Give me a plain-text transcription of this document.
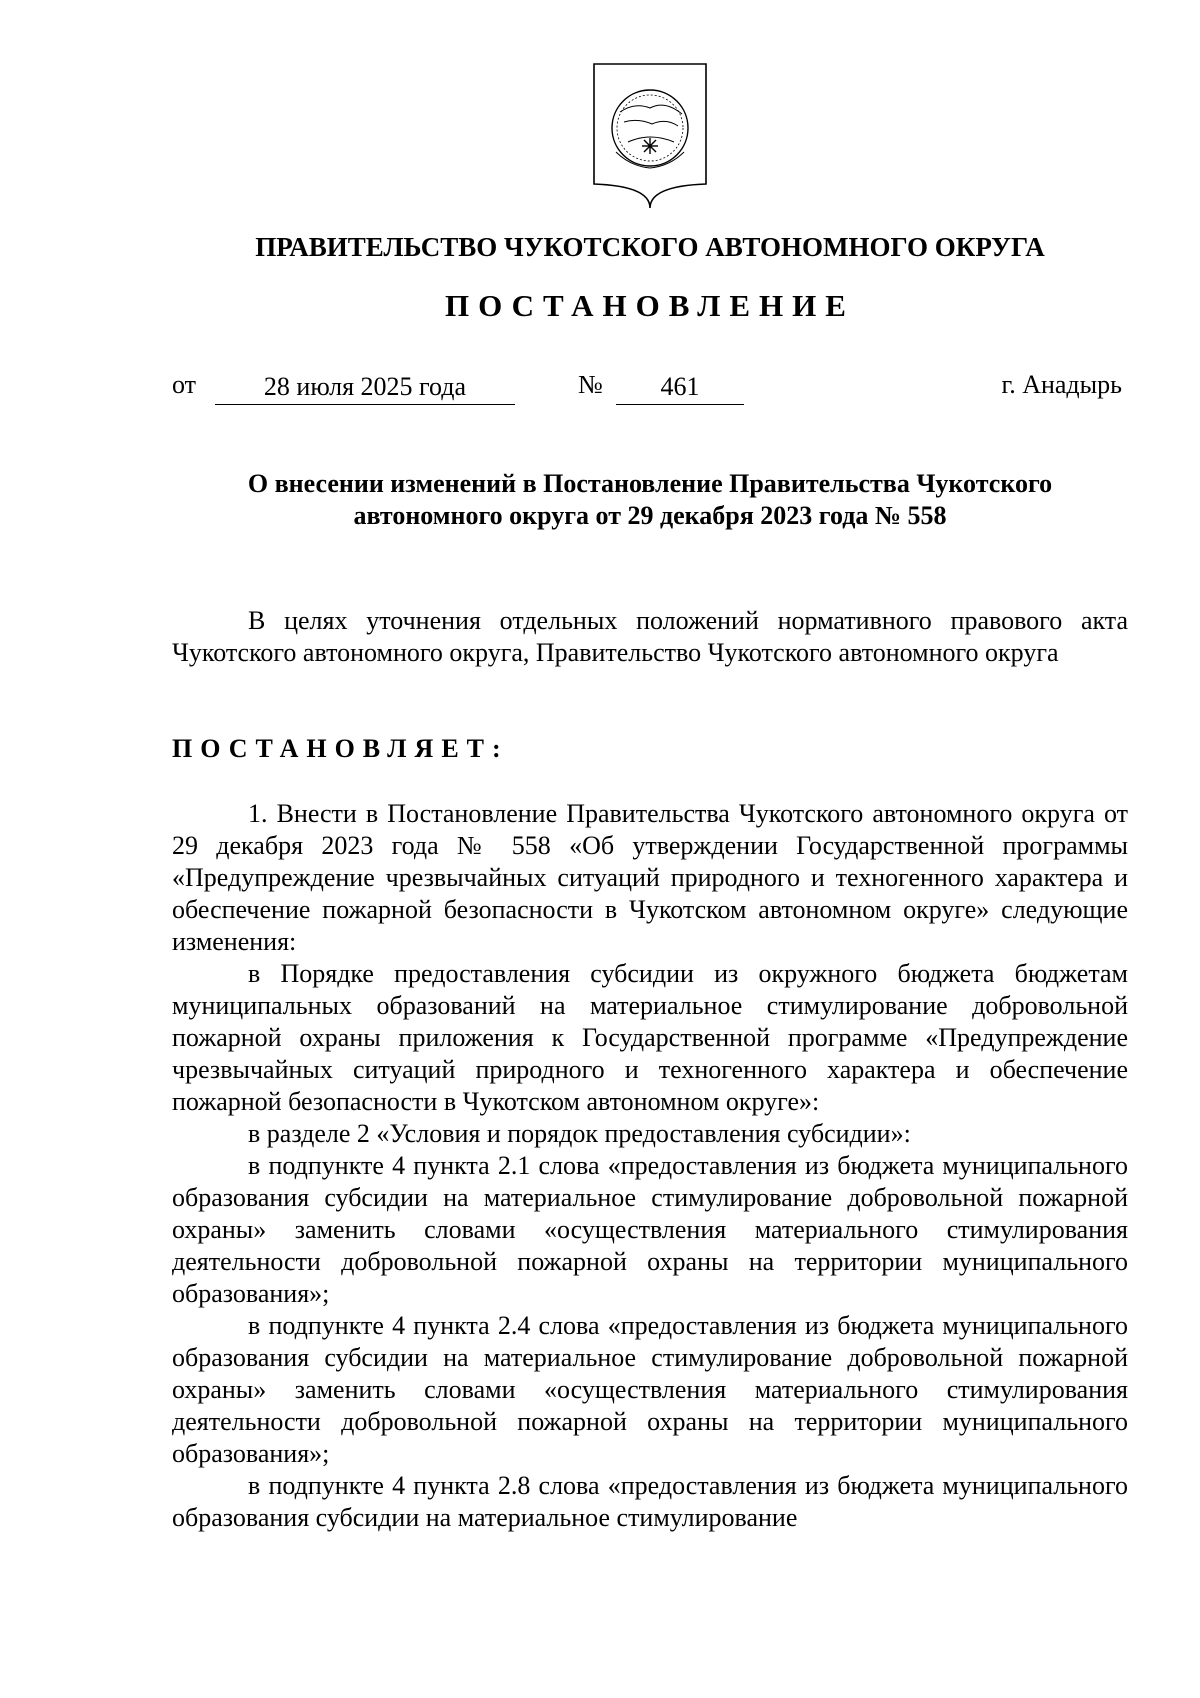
ПРАВИТЕЛЬСТВО ЧУКОТСКОГО АВТОНОМНОГО ОКРУГА
ПОСТАНОВЛЕНИЕ
от	28 июля 2025 года	№	461	г. Анадырь
О внесении изменений в Постановление Правительства Чукотского автономного округа от 29 декабря 2023 года № 558

В целях уточнения отдельных положений нормативного правового акта Чукотского автономного округа, Правительство Чукотского автономного округа

ПОСТАНОВЛЯЕТ:

1. Внести в Постановление Правительства Чукотского автономного округа от 29 декабря 2023 года № 558 «Об утверждении Государственной программы «Предупреждение чрезвычайных ситуаций природного и техногенного характера и обеспечение пожарной безопасности в Чукотском автономном округе» следующие изменения:

в Порядке предоставления субсидии из окружного бюджета бюджетам муниципальных образований на материальное стимулирование добровольной пожарной охраны приложения к Государственной программе «Предупреждение чрезвычайных ситуаций природного и техногенного характера и обеспечение пожарной безопасности в Чукотском автономном округе»:

в разделе 2 «Условия и порядок предоставления субсидии»:

в подпункте 4 пункта 2.1 слова «предоставления из бюджета муниципального образования субсидии на материальное стимулирование добровольной пожарной охраны» заменить словами «осуществления материального стимулирования деятельности добровольной пожарной охраны на территории муниципального образования»;

в подпункте 4 пункта 2.4 слова «предоставления из бюджета муниципального образования субсидии на материальное стимулирование добровольной пожарной охраны» заменить словами «осуществления материального стимулирования деятельности добровольной пожарной охраны на территории муниципального образования»;

в подпункте 4 пункта 2.8 слова «предоставления из бюджета муниципального образования субсидии на материальное стимулирование
